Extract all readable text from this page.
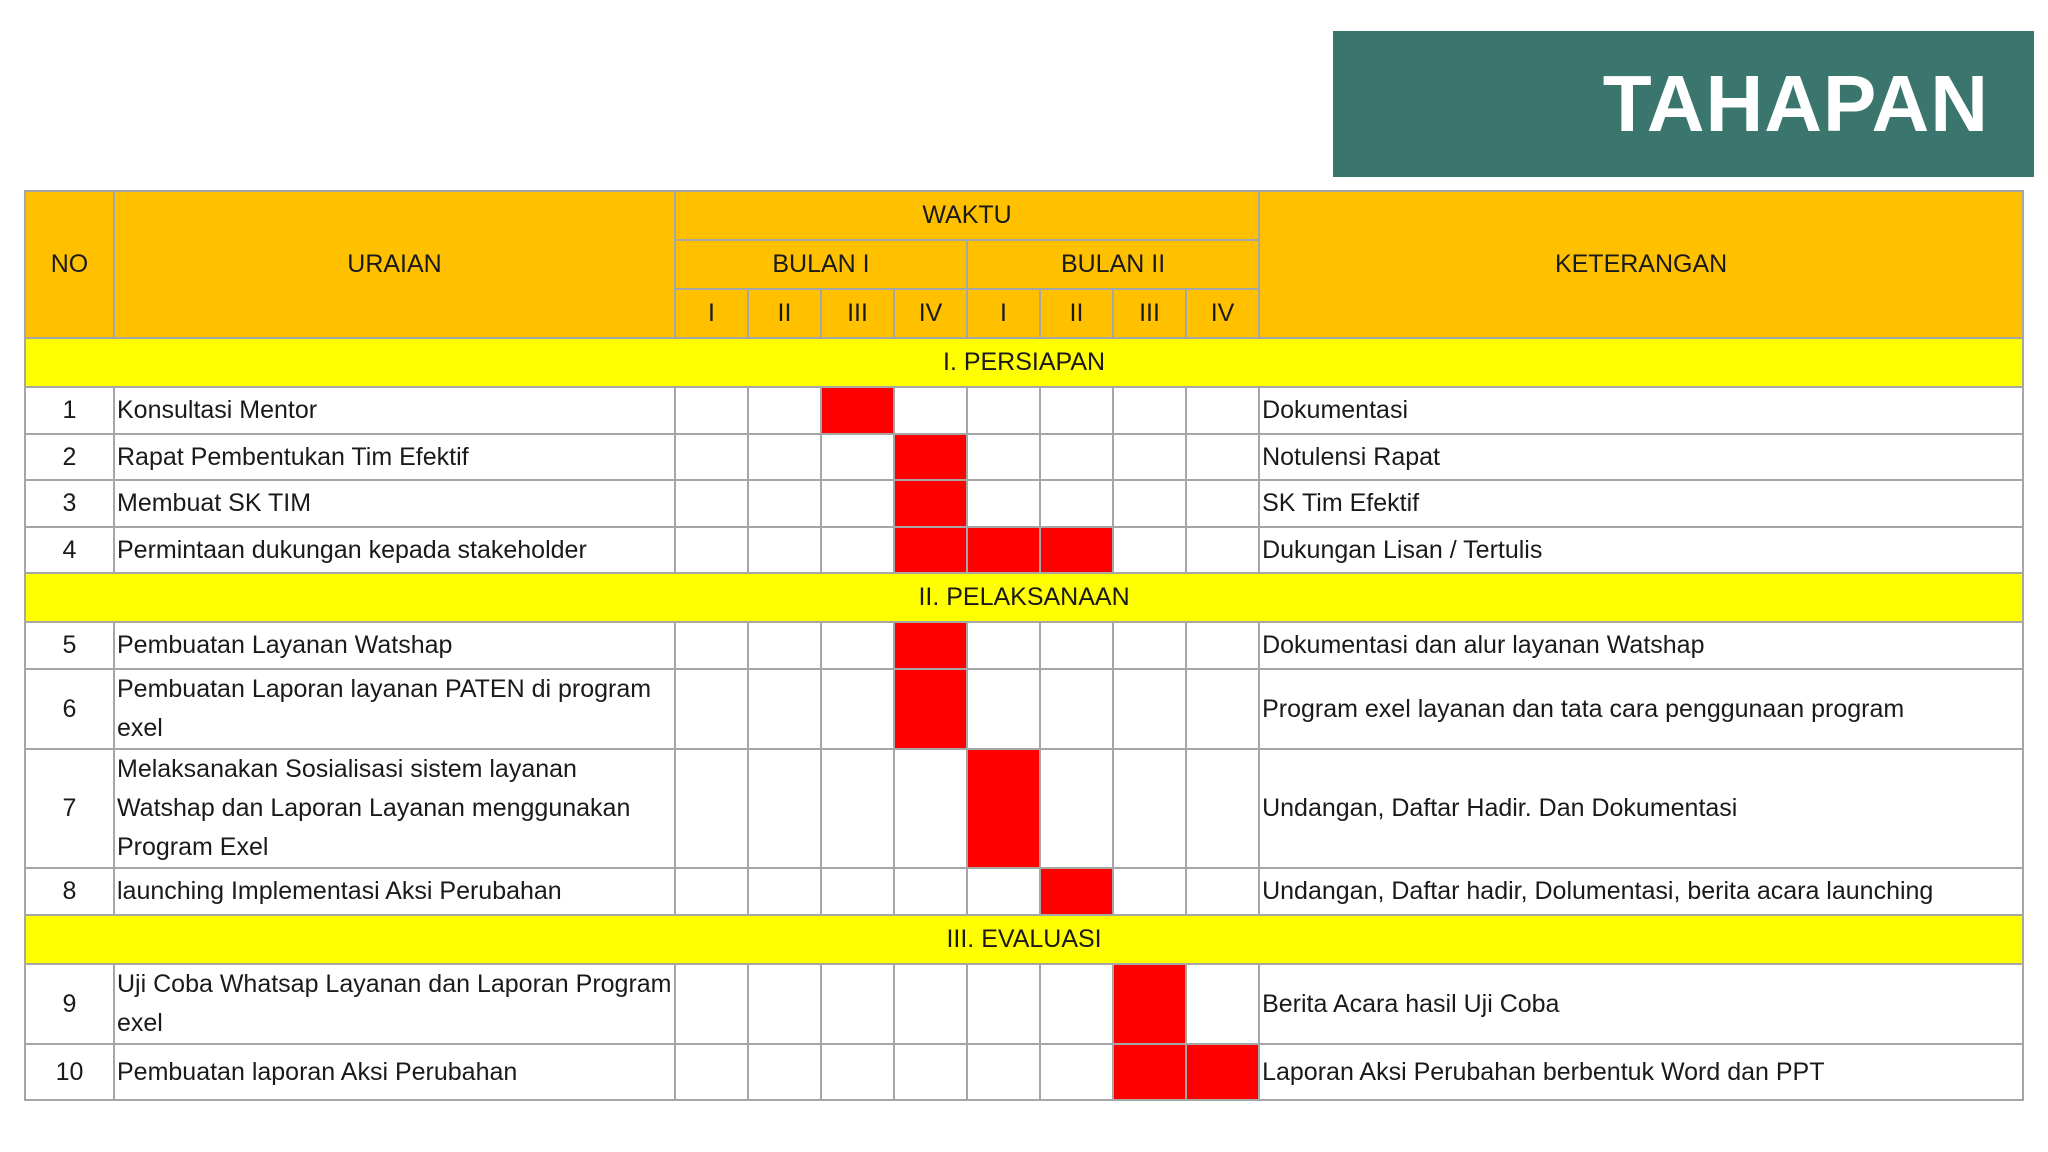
TAHAPAN
NO	URAIAN	WAKTU								KETERANGAN
		BULAN I				BULAN II				
		I	II	III	IV	I	II	III	IV	
I. PERSIAPAN										
1	Konsultasi Mentor									Dokumentasi
2	Rapat Pembentukan Tim Efektif									Notulensi Rapat
3	Membuat SK TIM									SK Tim Efektif
4	Permintaan dukungan kepada stakeholder									Dukungan Lisan / Tertulis
II. PELAKSANAAN										
5	Pembuatan Layanan Watshap									Dokumentasi dan alur layanan Watshap
6	Pembuatan Laporan layanan PATEN di program exel									Program exel layanan dan tata cara penggunaan program
7	Melaksanakan Sosialisasi sistem layanan Watshap dan Laporan Layanan menggunakan Program Exel									Undangan, Daftar Hadir. Dan Dokumentasi
8	launching Implementasi Aksi Perubahan									Undangan, Daftar hadir, Dolumentasi, berita acara launching
III. EVALUASI										
9	Uji Coba Whatsap Layanan dan Laporan Program exel									Berita Acara hasil Uji Coba
10	Pembuatan laporan Aksi Perubahan									Laporan Aksi Perubahan berbentuk Word dan PPT
